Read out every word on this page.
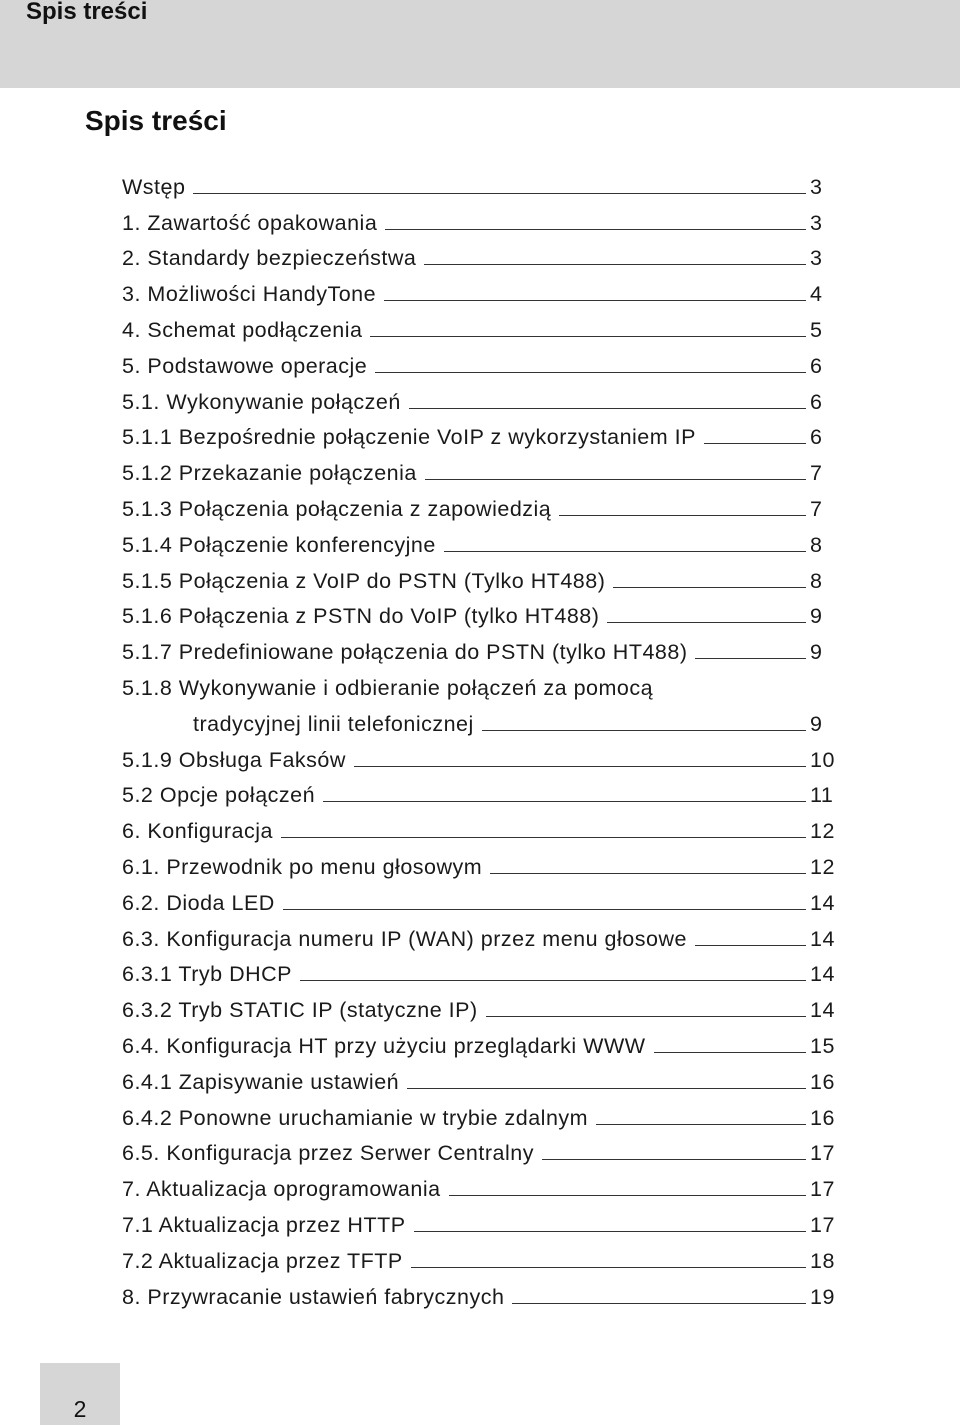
Spis treści
Spis treści
Wstęp	3
1. Zawartość opakowania	3
2. Standardy bezpieczeństwa	3
3. Możliwości HandyTone	4
4. Schemat podłączenia	5
5. Podstawowe operacje	6
5.1. Wykonywanie połączeń	6
5.1.1 Bezpośrednie połączenie VoIP z wykorzystaniem IP	6
5.1.2 Przekazanie połączenia	7
5.1.3 Połączenia połączenia z zapowiedzią	7
5.1.4 Połączenie konferencyjne	8
5.1.5 Połączenia z VoIP do PSTN (Tylko HT488)	8
5.1.6 Połączenia z PSTN do VoIP (tylko HT488)	9
5.1.7 Predefiniowane połączenia do PSTN (tylko HT488)	9
5.1.8 Wykonywanie i odbieranie połączeń za pomocą
tradycyjnej linii telefonicznej	9
5.1.9 Obsługa Faksów	10
5.2 Opcje połączeń	11
6. Konfiguracja	12
6.1. Przewodnik po menu głosowym	12
6.2. Dioda LED	14
6.3. Konfiguracja numeru IP (WAN) przez menu głosowe	14
6.3.1 Tryb DHCP	14
6.3.2 Tryb STATIC IP (statyczne IP)	14
6.4. Konfiguracja HT przy użyciu przeglądarki WWW	15
6.4.1 Zapisywanie ustawień	16
6.4.2 Ponowne uruchamianie w trybie zdalnym	16
6.5. Konfiguracja przez Serwer Centralny	17
7. Aktualizacja oprogramowania	17
7.1 Aktualizacja przez HTTP	17
7.2 Aktualizacja przez TFTP	18
8. Przywracanie ustawień fabrycznych	19
2
